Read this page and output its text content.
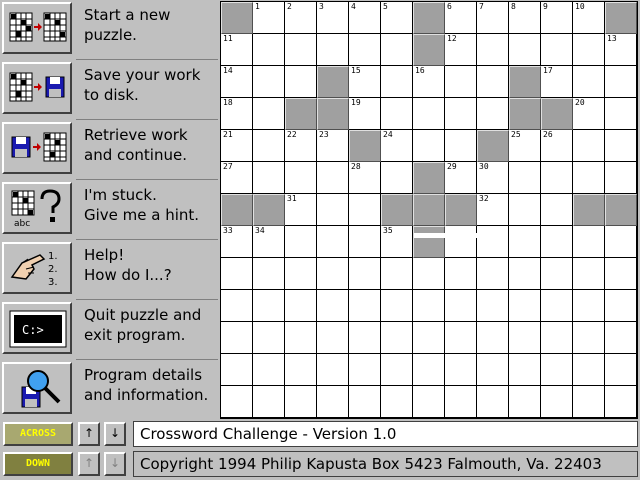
Start a new
puzzle.
Save your work
to disk.
Retrieve work
and continue.
abc
I'm stuck.
Give me a hint.
1.
2.
3.
Help!
How do I...?
C:>
Quit puzzle and
exit program.
Program details
and information.
1	2	3	4	5	6	7	8	9	10
11	12	13
14	15	16	17
18	19	20
21	22	23	24	25	26
27	28	29	30
31	32
33	34	35
ACROSS
DOWN
↑	↓
↑	↓
Crossword Challenge - Version 1.0
Copyright 1994 Philip Kapusta Box 5423 Falmouth, Va. 22403
